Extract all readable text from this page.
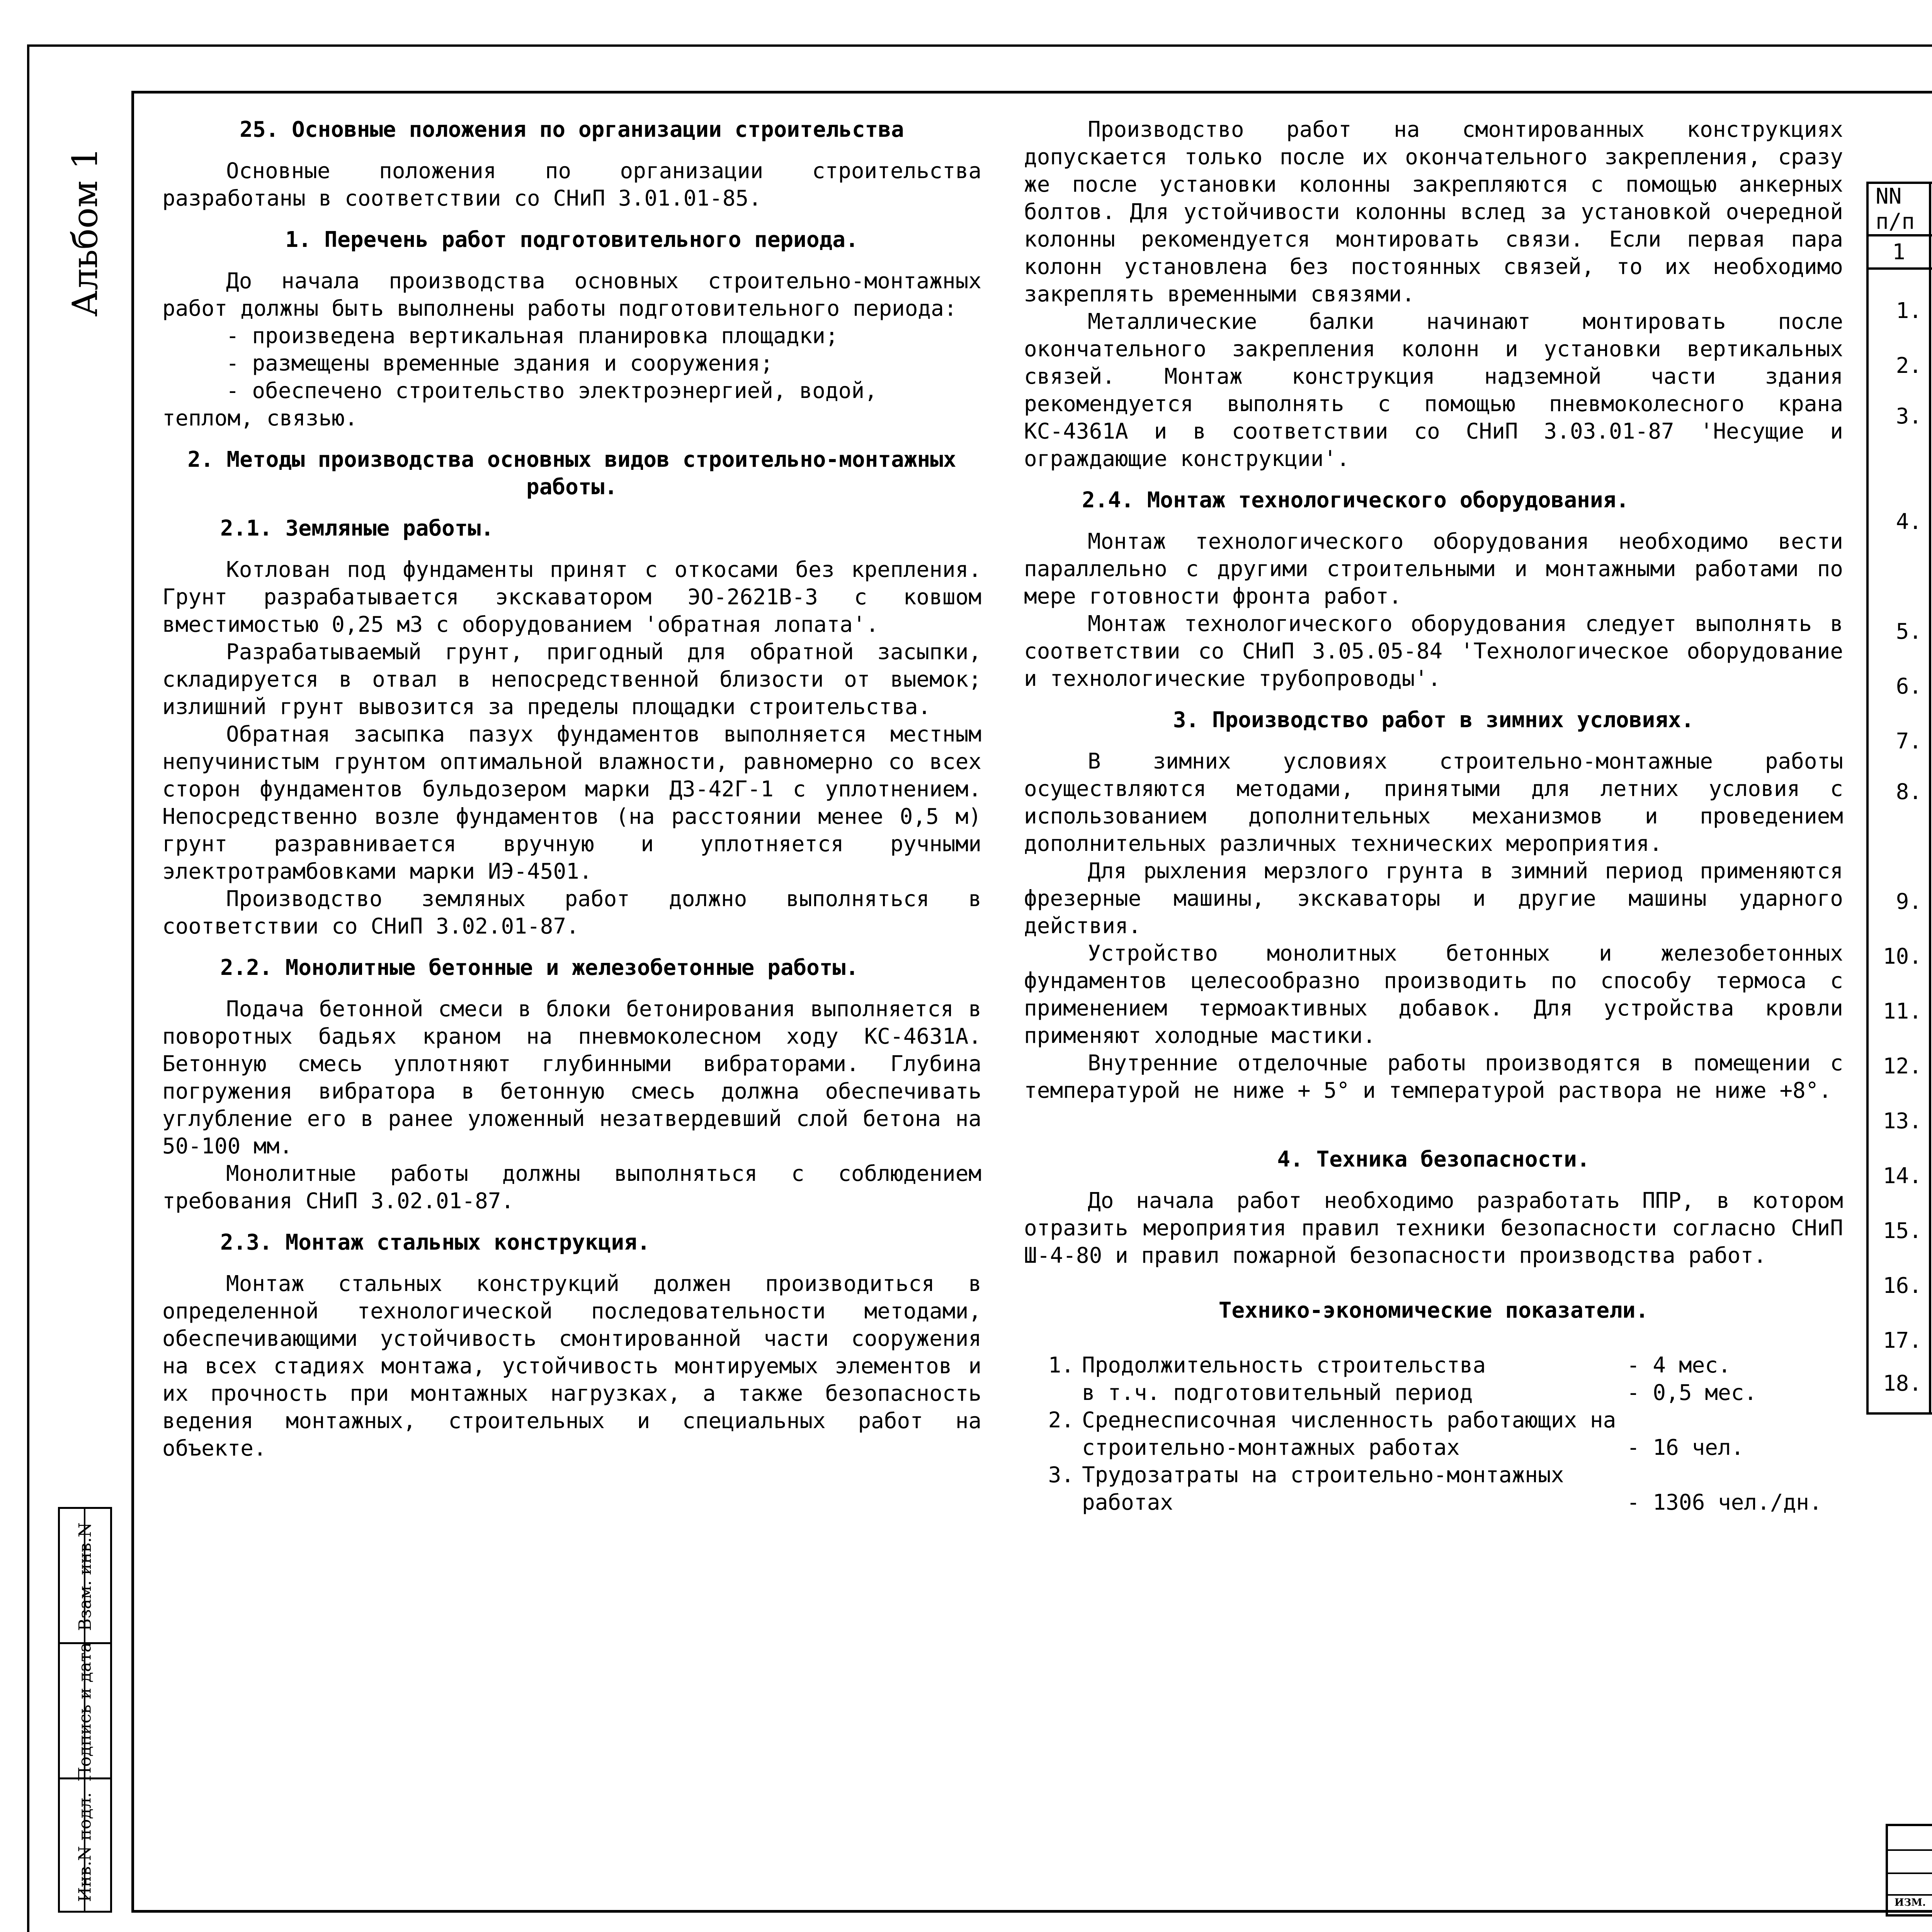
Альбом 1
Взам. инв.N
Подпись и дата
Инв.N подл.
25. Основные положения по организации строительства

Основные положения по организации строительства разработаны в соответствии со СНиП 3.01.01-85.

1. Перечень работ подготовительного периода.

До начала производства основных строительно-монтажных работ должны быть выполнены работы подготовительного периода:

- произведена вертикальная планировка площадки;
- размещены временные здания и сооружения;
- обеспечено строительство электроэнергией, водой, теплом, связью.
2. Методы производства основных видов строительно-монтажных работы.
2.1. Земляные работы.

Котлован под фундаменты принят с откосами без крепления. Грунт разрабатывается экскаватором ЭО-2621В-3 с ковшом вместимостью 0,25 м3 с оборудованием 'обратная лопата'.

Разрабатываемый грунт, пригодный для обратной засыпки, складируется в отвал в непосредственной близости от выемок; излишний грунт вывозится за пределы площадки строительства.

Обратная засыпка пазух фундаментов выполняется местным непучинистым грунтом оптимальной влажности, равномерно со всех сторон фундаментов бульдозером марки ДЗ-42Г-1 с уплотнением. Непосредственно возле фундаментов (на расстоянии менее 0,5 м) грунт разравнивается вручную и уплотняется ручными электротрамбовками марки ИЭ-4501.

Производство земляных работ должно выполняться в соответствии со СНиП 3.02.01-87.

2.2. Монолитные бетонные и железобетонные работы.

Подача бетонной смеси в блоки бетонирования выполняется в поворотных бадьях краном на пневмоколесном ходу КС-4631А. Бетонную смесь уплотняют глубинными вибраторами. Глубина погружения вибратора в бетонную смесь должна обеспечивать углубление его в ранее уложенный незатвердевший слой бетона на 50-100 мм.

Монолитные работы должны выполняться с соблюдением требования СНиП 3.02.01-87.

2.3. Монтаж стальных конструкция.

Монтаж стальных конструкций должен производиться в определенной технологической последовательности методами, обеспечивающими устойчивость смонтированной части сооружения на всех стадиях монтажа, устойчивость монтируемых элементов и их прочность при монтажных нагрузках, а также безопасность ведения монтажных, строительных и специальных работ на объекте.

Производство работ на смонтированных конструкциях допускается только после их окончательного закрепления, сразу же после установки колонны закрепляются с помощью анкерных болтов. Для устойчивости колонны вслед за установкой очередной колонны рекомендуется монтировать связи. Если первая пара колонн установлена без постоянных связей, то их необходимо закреплять временными связями.

Металлические балки начинают монтировать после окончательного закрепления колонн и установки вертикальных связей. Монтаж конструкция надземной части здания рекомендуется выполнять с помощью пневмоколесного крана КС-4361А и в соответствии со СНиП 3.03.01-87 'Несущие и ограждающие конструкции'.

2.4. Монтаж технологического оборудования.

Монтаж технологического оборудования необходимо вести параллельно с другими строительными и монтажными работами по мере готовности фронта работ.

Монтаж технологического оборудования следует выполнять в соответствии со СНиП 3.05.05-84 'Технологическое оборудование и технологические трубопроводы'.

3. Производство работ в зимних условиях.

В зимних условиях строительно-монтажные работы осуществляются методами, принятыми для летних условия с использованием дополнительных механизмов и проведением дополнительных различных технических мероприятия.

Для рыхления мерзлого грунта в зимний период применяются фрезерные машины, экскаваторы и другие машины ударного действия.

Устройство монолитных бетонных и железобетонных фундаментов целесообразно производить по способу термоса с применением термоактивных добавок. Для устройства кровли применяют холодные мастики.

Внутренние отделочные работы производятся в помещении с температурой не ниже + 5° и температурой раствора не ниже +8°.

4. Техника безопасности.

До начала работ необходимо разработать ППР, в котором отразить мероприятия правил техники безопасности согласно СНиП Ш-4-80 и правил пожарной безопасности производства работ.

Технико-экономические показатели.
1. Продолжительность строительства	- 4 мес.
в т.ч. подготовительный период	- 0,5 мес.
2. Среднесписочная численность работающих на строительно-монтажных работах	- 16 чел.
3. Трудозатраты на строительно-монтажных работах	- 1306 чел./дн.
NN п/п			
1			
1.			
2.			
3.			
4.			
5.			
6.			
7.			
8.			

9.			
10.			
11.			
12.			
13.			
14.			
15.			
16.			
17.			
18.			
ИЗМ.
